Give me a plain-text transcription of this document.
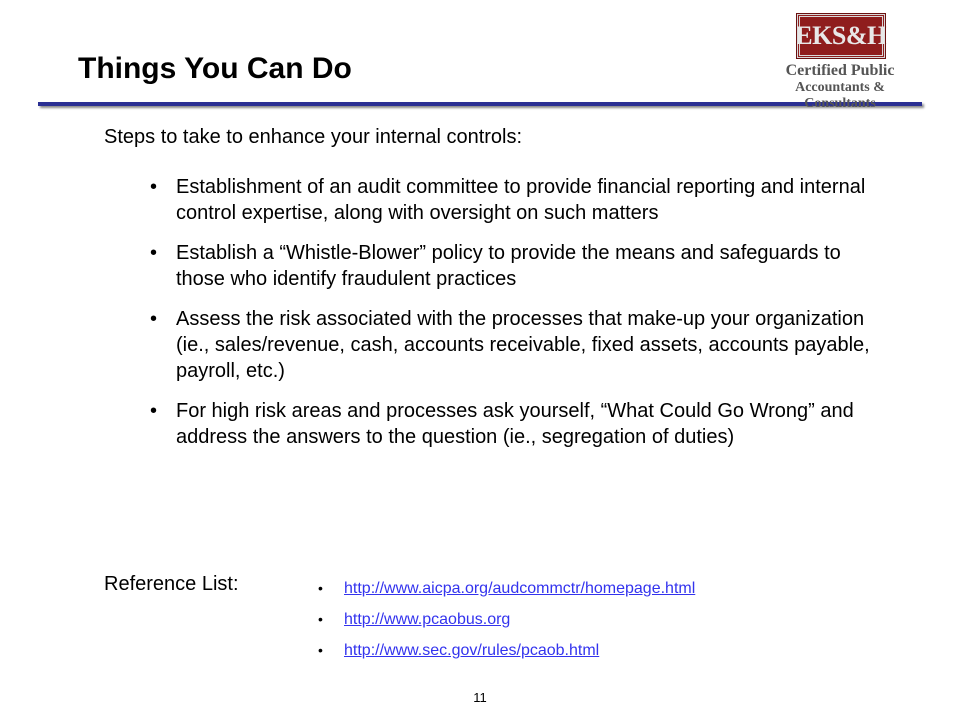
Things You Can Do
EKS&H
Certified Public
Accountants & Consultants
Steps to take to enhance your internal controls:
• Establishment of an audit committee to provide financial reporting and internal control expertise, along with oversight on such matters
• Establish a “Whistle-Blower” policy to provide the means and safeguards to those who identify fraudulent practices
• Assess the risk associated with the processes that make-up your organization (ie., sales/revenue, cash, accounts receivable, fixed assets, accounts payable, payroll, etc.)
• For high risk areas and processes ask yourself, “What Could Go Wrong” and address the answers to the question (ie., segregation of duties)
Reference List:	• http://www.aicpa.org/audcommctr/homepage.html
• http://www.pcaobus.org
• http://www.sec.gov/rules/pcaob.html
11
